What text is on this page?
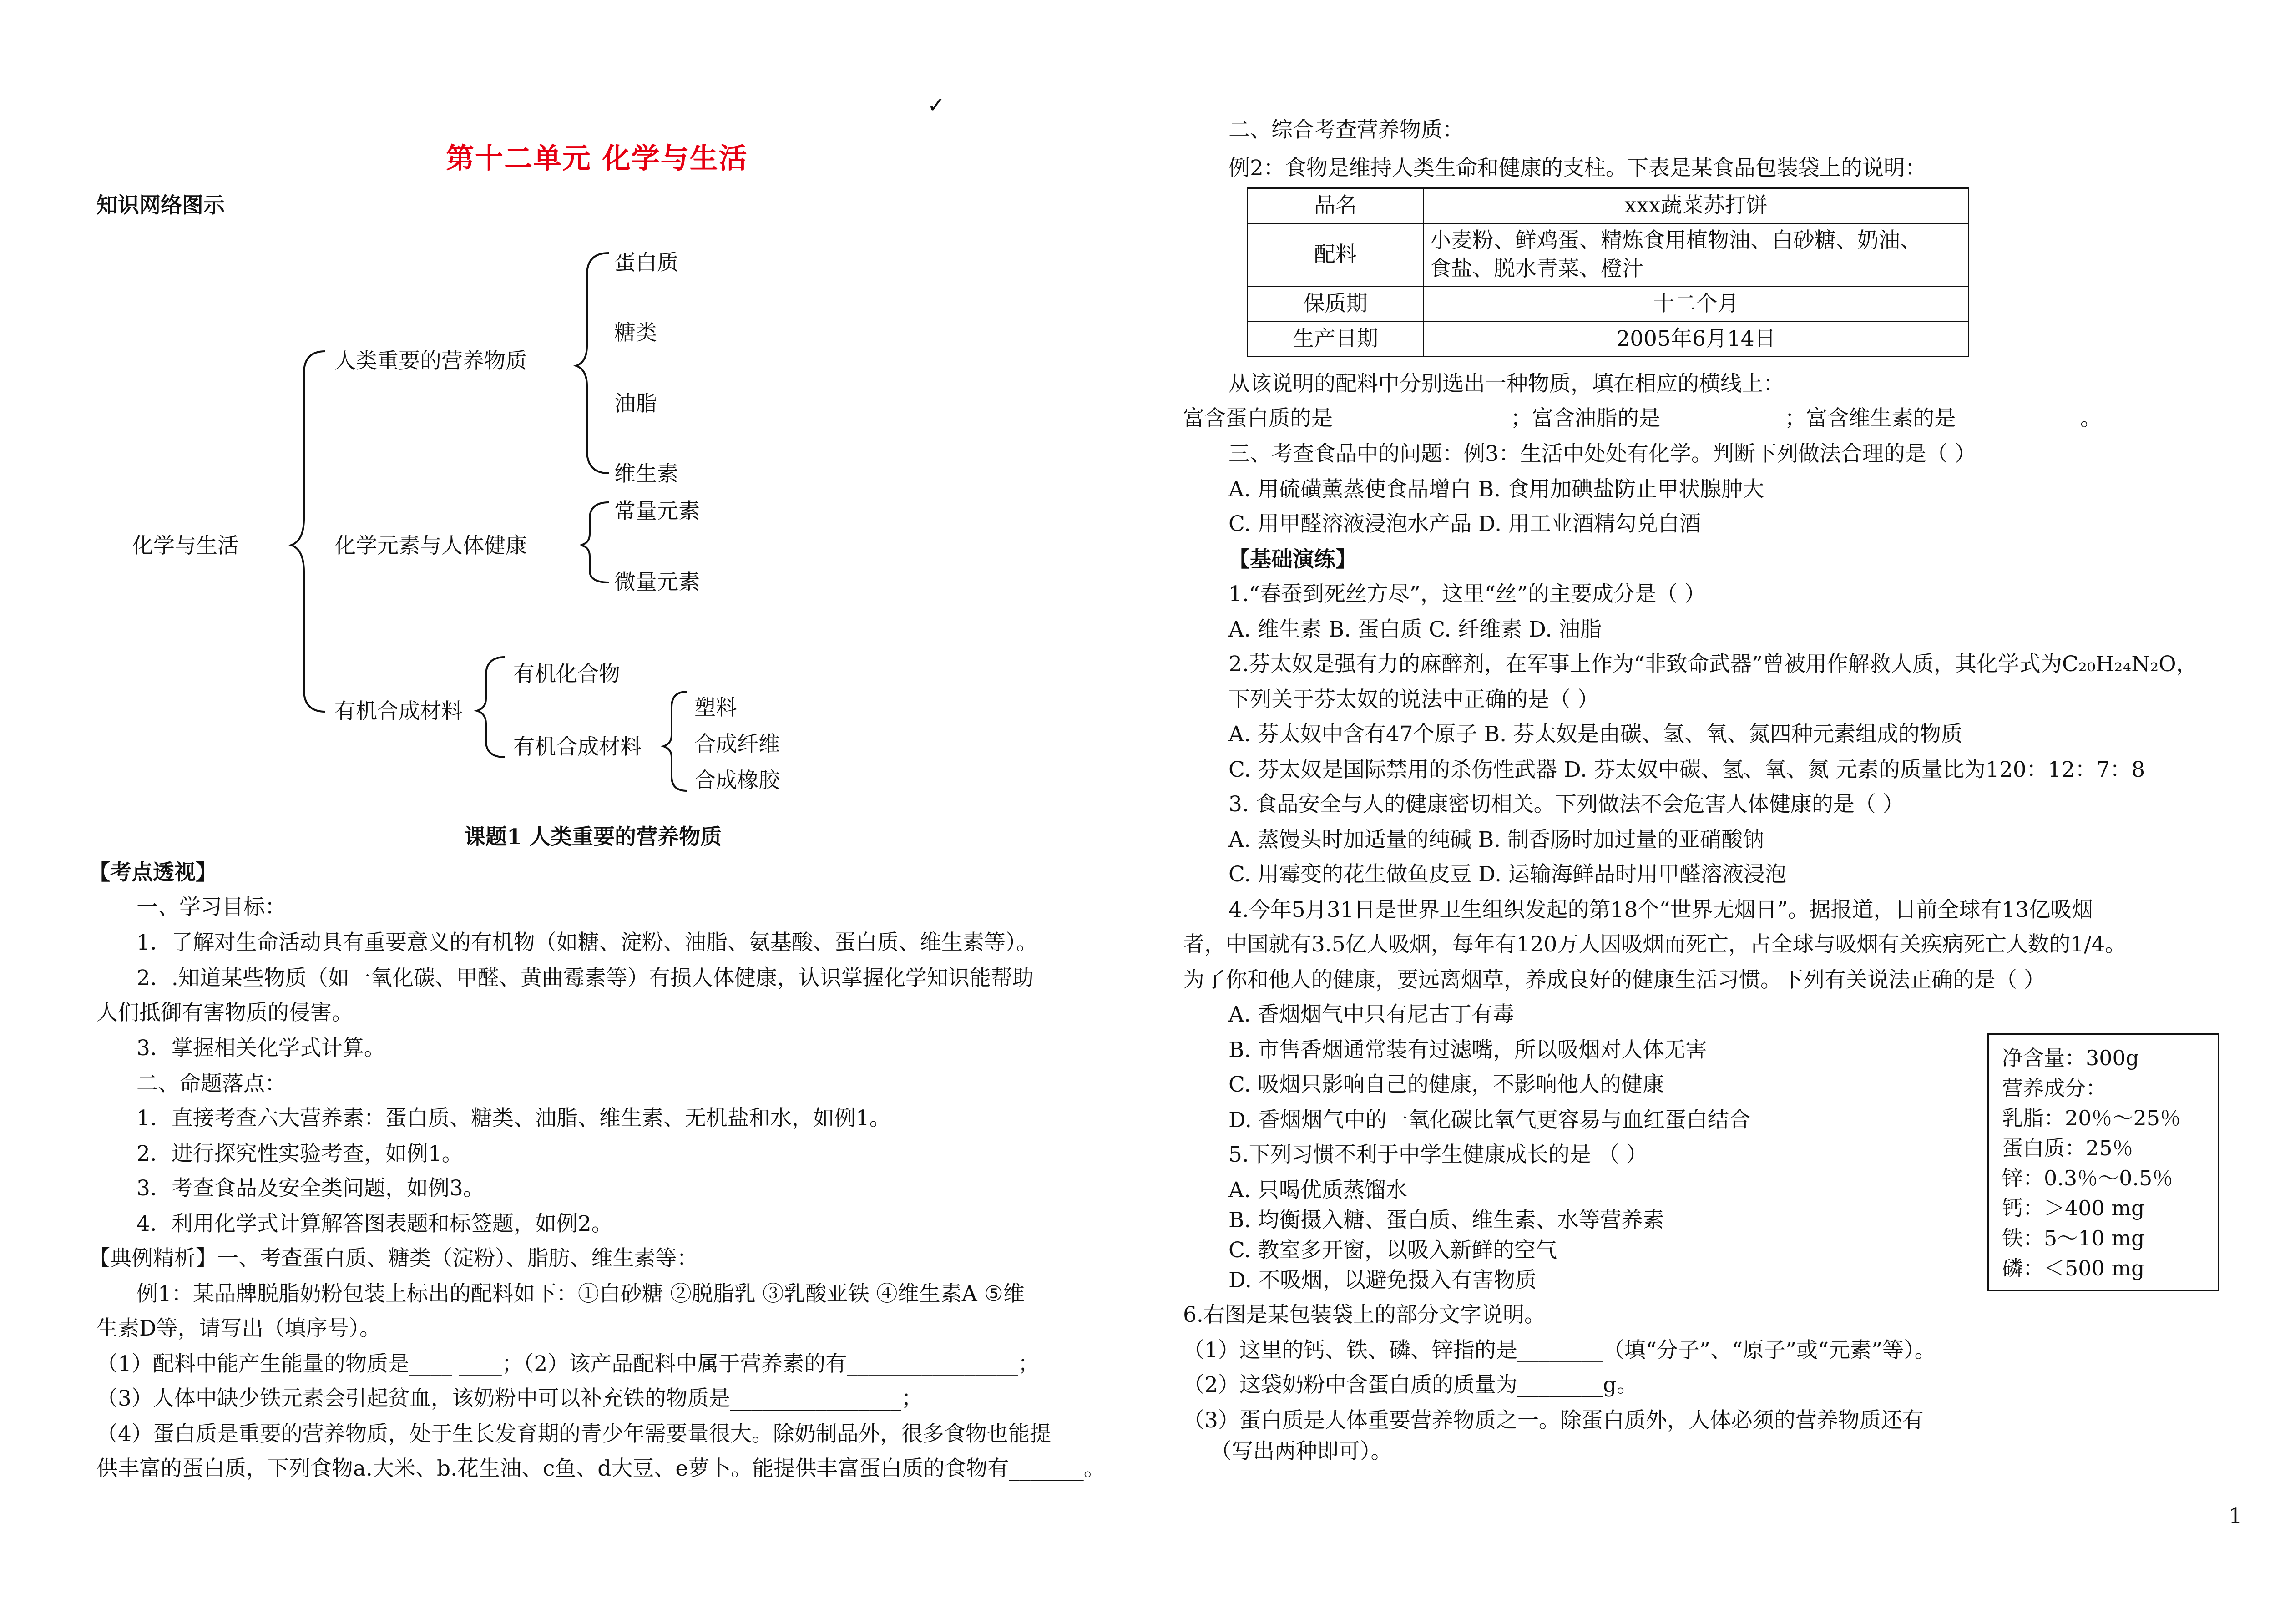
✓
第十二单元 化学与生活
知识网络图示
化学与生活
人类重要的营养物质
蛋白质
糖类
油脂
维生素
化学元素与人体健康
常量元素
微量元素
有机合成材料
有机化合物
有机合成材料
塑料
合成纤维
合成橡胶
课题1 人类重要的营养物质
【考点透视】
一、学习目标：
1．了解对生命活动具有重要意义的有机物（如糖、淀粉、油脂、氨基酸、蛋白质、维生素等）。
2．.知道某些物质（如一氧化碳、甲醛、黄曲霉素等）有损人体健康，认识掌握化学知识能帮助
人们抵御有害物质的侵害。
3．掌握相关化学式计算。
二、命题落点：
1．直接考查六大营养素：蛋白质、糖类、油脂、维生素、无机盐和水，如例1。
2．进行探究性实验考查，如例1。
3．考查食品及安全类问题，如例3。
4．利用化学式计算解答图表题和标签题，如例2。
【典例精析】一、考查蛋白质、糖类（淀粉）、脂肪、维生素等：
例1：某品牌脱脂奶粉包装上标出的配料如下：①白砂糖 ②脱脂乳 ③乳酸亚铁 ④维生素A ⑤维
生素D等，请写出（填序号）。
（1）配料中能产生能量的物质是____ ____；（2）该产品配料中属于营养素的有________________；
（3）人体中缺少铁元素会引起贫血，该奶粉中可以补充铁的物质是________________；
（4）蛋白质是重要的营养物质，处于生长发育期的青少年需要量很大。除奶制品外，很多食物也能提
供丰富的蛋白质，下列食物a.大米、b.花生油、c鱼、d大豆、e萝卜。能提供丰富蛋白质的食物有_______。
二、综合考查营养物质：
例2：食物是维持人类生命和健康的支柱。下表是某食品包装袋上的说明：
品名	xxx蔬菜苏打饼
配料	小麦粉、鲜鸡蛋、精炼食用植物油、白砂糖、奶油、
食盐、脱水青菜、橙汁

保质期	十二个月
生产日期	2005年6月14日
从该说明的配料中分别选出一种物质，填在相应的横线上：
富含蛋白质的是 ________________；富含油脂的是 ___________；富含维生素的是 ___________。
三、考查食品中的问题：例3：生活中处处有化学。判断下列做法合理的是（ ）
A. 用硫磺薰蒸使食品增白 B. 食用加碘盐防止甲状腺肿大
C. 用甲醛溶液浸泡水产品 D. 用工业酒精勾兑白酒
【基础演练】
1.“春蚕到死丝方尽”，这里“丝”的主要成分是（ ）
A. 维生素 B. 蛋白质 C. 纤维素 D. 油脂
2.芬太奴是强有力的麻醉剂，在军事上作为“非致命武器”曾被用作解救人质，其化学式为C₂₀H₂₄N₂O，
下列关于芬太奴的说法中正确的是（ ）
A. 芬太奴中含有47个原子 B. 芬太奴是由碳、氢、氧、氮四种元素组成的物质
C. 芬太奴是国际禁用的杀伤性武器 D. 芬太奴中碳、氢、氧、氮 元素的质量比为120：12：7：8
3. 食品安全与人的健康密切相关。下列做法不会危害人体健康的是（ ）
A. 蒸馒头时加适量的纯碱 B. 制香肠时加过量的亚硝酸钠
C. 用霉变的花生做鱼皮豆 D. 运输海鲜品时用甲醛溶液浸泡
4.今年5月31日是世界卫生组织发起的第18个“世界无烟日”。据报道，目前全球有13亿吸烟
者，中国就有3.5亿人吸烟，每年有120万人因吸烟而死亡，占全球与吸烟有关疾病死亡人数的1/4。
为了你和他人的健康，要远离烟草，养成良好的健康生活习惯。下列有关说法正确的是（ ）
A. 香烟烟气中只有尼古丁有毒
B. 市售香烟通常装有过滤嘴，所以吸烟对人体无害
C. 吸烟只影响自己的健康，不影响他人的健康
D. 香烟烟气中的一氧化碳比氧气更容易与血红蛋白结合
5.下列习惯不利于中学生健康成长的是 （ ）
A. 只喝优质蒸馏水
B. 均衡摄入糖、蛋白质、维生素、水等营养素
C. 教室多开窗，以吸入新鲜的空气
D. 不吸烟，以避免摄入有害物质
6.右图是某包装袋上的部分文字说明。
（1）这里的钙、铁、磷、锌指的是________（填“分子”、“原子”或“元素”等）。
（2）这袋奶粉中含蛋白质的质量为________g。
（3）蛋白质是人体重要营养物质之一。除蛋白质外，人体必须的营养物质还有________________
（写出两种即可）。
净含量：300g
营养成分：
乳脂：20％～25％
蛋白质：25％
锌：0.3％～0.5％
钙：＞400 mg
铁：5～10 mg
磷：＜500 mg
1
